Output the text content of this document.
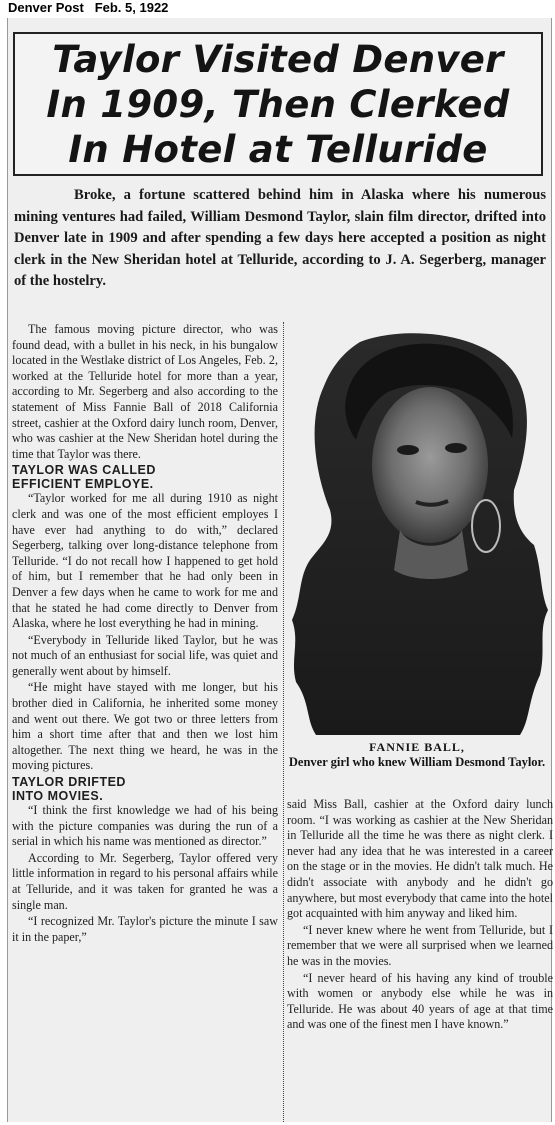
Denver Post   Feb. 5, 1922
Taylor Visited Denver
In 1909, Then Clerked
In Hotel at Telluride
Broke, a fortune scattered behind him in Alaska where his numerous mining ventures had failed, William Desmond Taylor, slain film director, drifted into Denver late in 1909 and after spending a few days here accepted a position as night clerk in the New Sheridan hotel at Telluride, according to J. A. Segerberg, manager of the hostelry.

The famous moving picture director, who was found dead, with a bullet in his neck, in his bungalow located in the Westlake district of Los Angeles, Feb. 2, worked at the Telluride hotel for more than a year, according to Mr. Segerberg and also according to the statement of Miss Fannie Ball of 2018 California street, cashier at the Oxford dairy lunch room, Denver, who was cashier at the New Sheridan hotel during the time that Taylor was there.

TAYLOR WAS CALLED
EFFICIENT EMPLOYE.

“Taylor worked for me all during 1910 as night clerk and was one of the most efficient employes I have ever had anything to do with,” declared Segerberg, talking over long-distance telephone from Telluride. “I do not recall how I happened to get hold of him, but I remember that he had only been in Denver a few days when he came to work for me and that he stated he had come directly to Denver from Alaska, where he lost everything he had in mining.

“Everybody in Telluride liked Taylor, but he was not much of an enthusiast for social life, was quiet and generally went about by himself.

“He might have stayed with me longer, but his brother died in California, he inherited some money and went out there. We got two or three letters from him a short time after that and then we lost him altogether. The next thing we heard, he was in the moving pictures.

TAYLOR DRIFTED
INTO MOVIES.

“I think the first knowledge we had of his being with the picture companies was during the run of a serial in which his name was mentioned as director.”

According to Mr. Segerberg, Taylor offered very little information in regard to his personal affairs while at Telluride, and it was taken for granted he was a single man.

“I recognized Mr. Taylor's picture the minute I saw it in the paper,”

FANNIE BALL,
Denver girl who knew William Desmond Taylor.

said Miss Ball, cashier at the Oxford dairy lunch room. “I was working as cashier at the New Sheridan in Telluride all the time he was there as night clerk. I never had any idea that he was interested in a career on the stage or in the movies. He didn't talk much. He didn't associate with anybody and he didn't go anywhere, but most everybody that came into the hotel got acquainted with him anyway and liked him.

“I never knew where he went from Telluride, but I remember that we were all surprised when we learned he was in the movies.

“I never heard of his having any kind of trouble with women or anybody else while he was in Telluride. He was about 40 years of age at that time and was one of the finest men I have known.”
